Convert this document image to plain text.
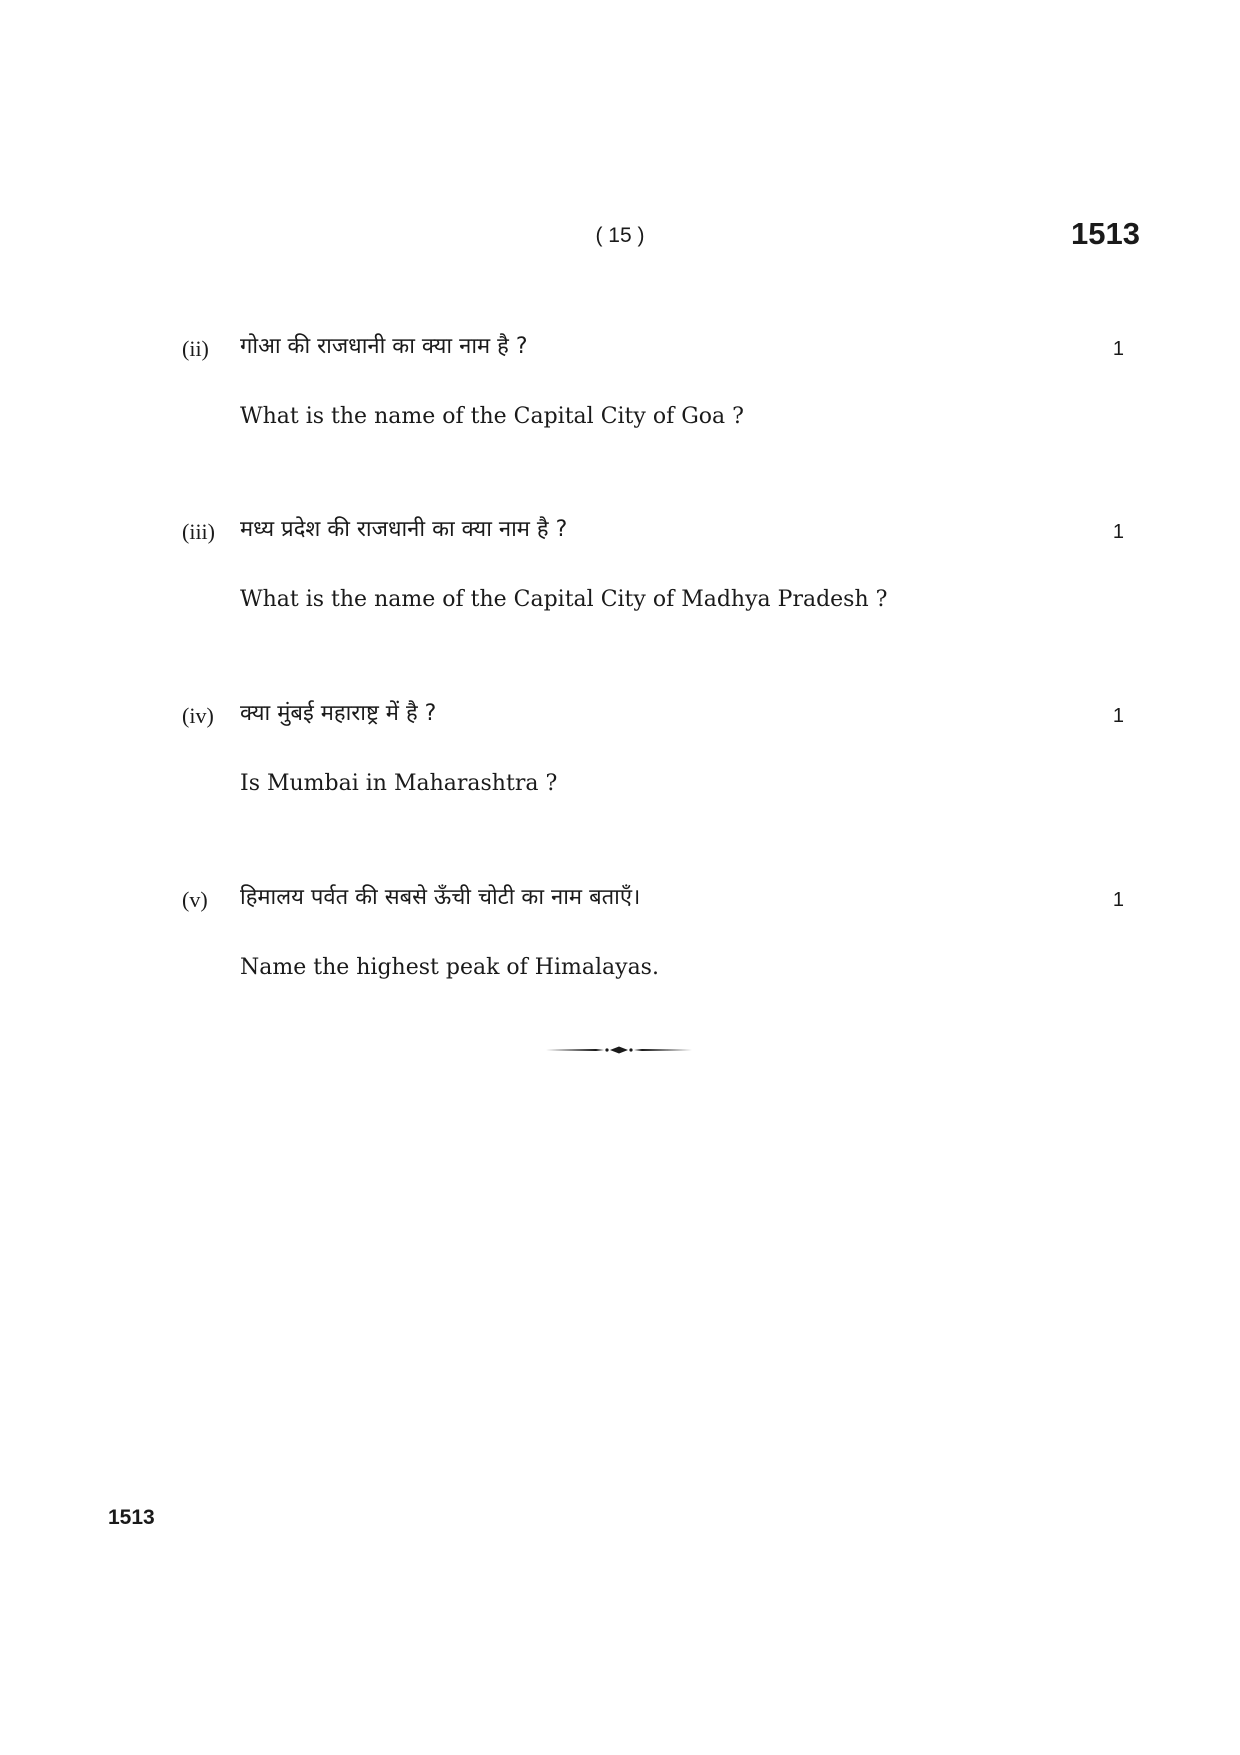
( 15 )	1513
(ii) गोआ की राजधानी का क्या नाम है ?	1
What is the name of the Capital City of Goa ?
(iii) मध्य प्रदेश की राजधानी का क्या नाम है ?	1
What is the name of the Capital City of Madhya Pradesh ?
(iv) क्या मुंबई महाराष्ट्र में है ?	1
Is Mumbai in Maharashtra ?
(v) हिमालय पर्वत की सबसे ऊँची चोटी का नाम बताएँ।	1
Name the highest peak of Himalayas.
1513
